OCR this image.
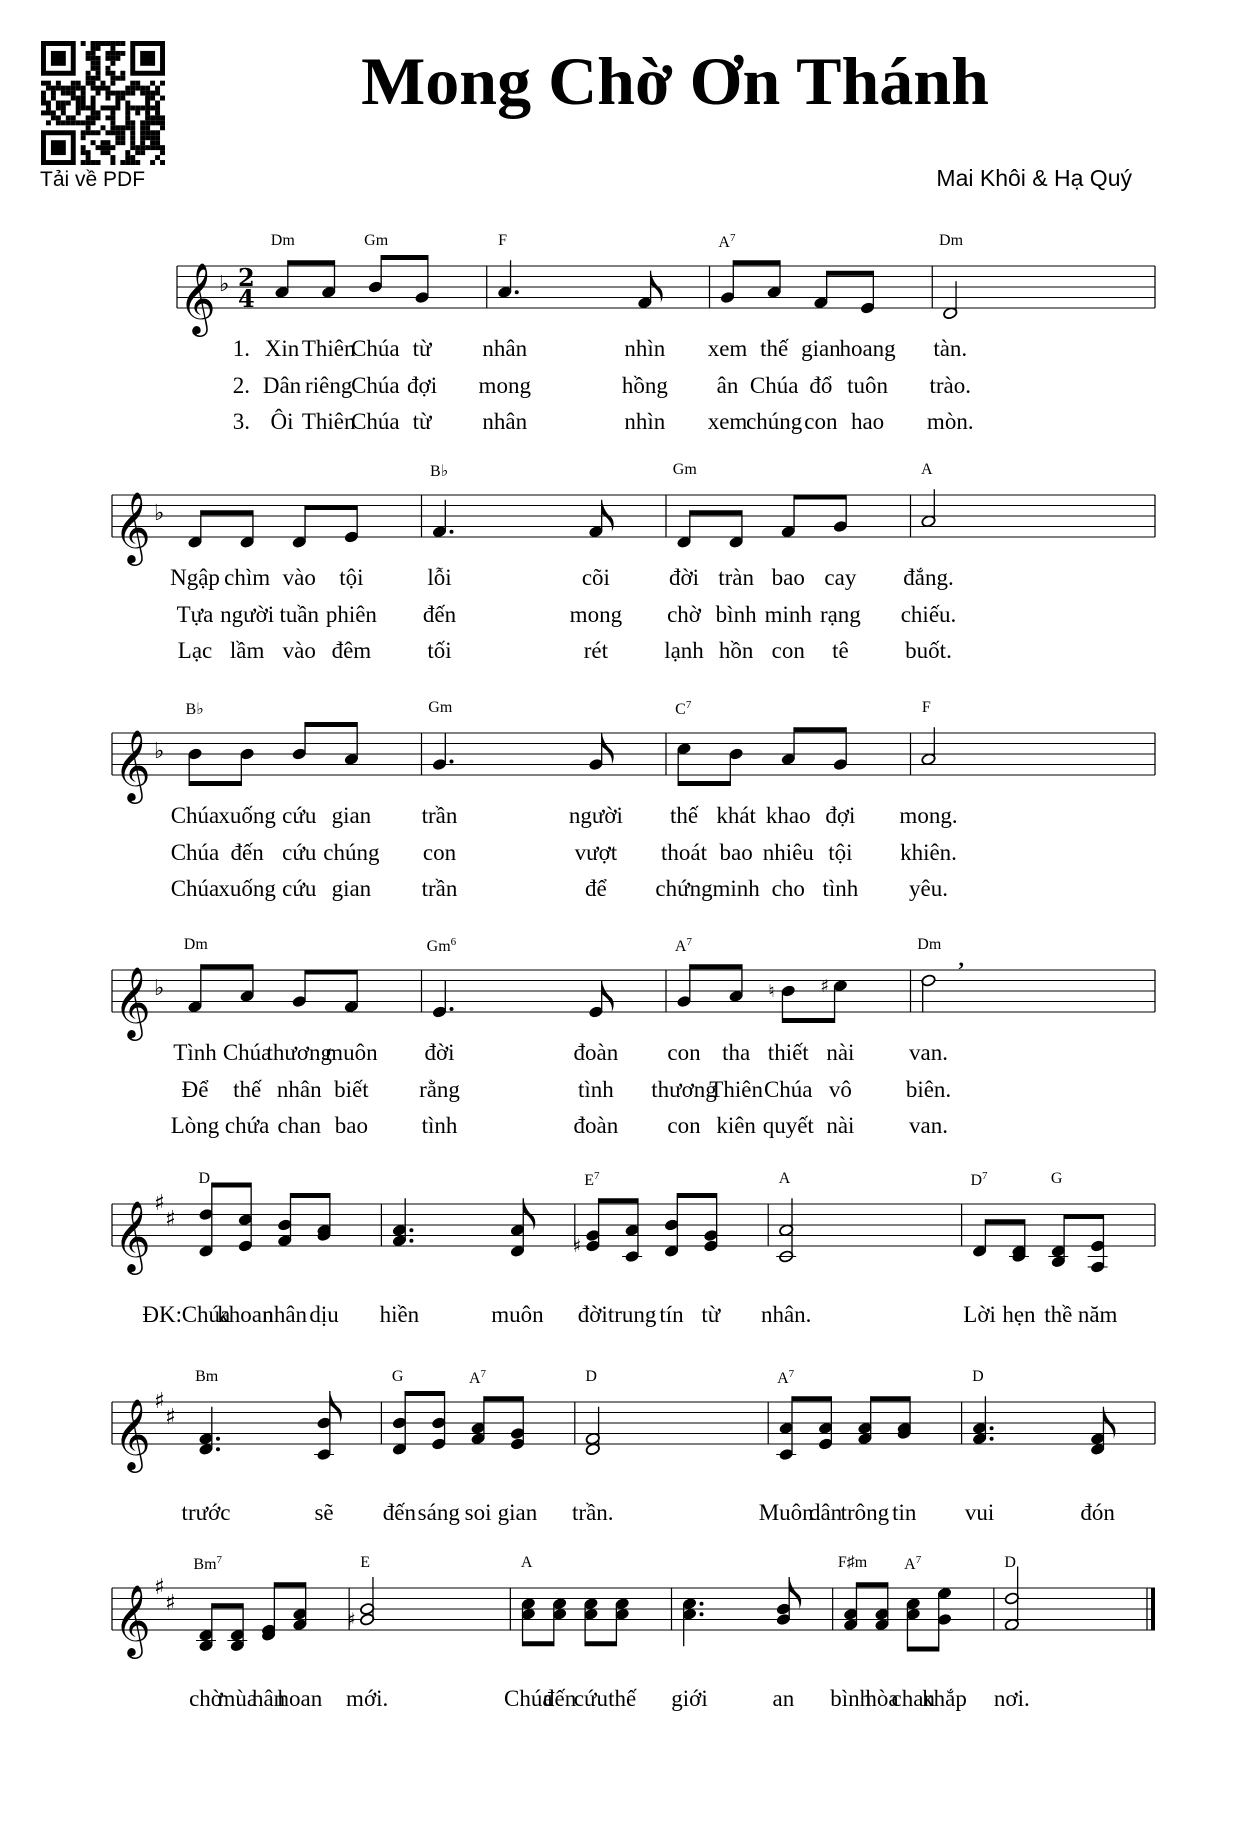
Tải về PDF
Mong Chờ Ơn Thánh
Mai Khôi & Hạ Quý
𝄞 ♭ 2
4
𝄞 ♭
𝄞 ♭
𝄞 ♭	♮	♯
,
𝄞 ♯
♯
♯
𝄞 ♯
♯
𝄞 ♯
♯
♯
Dm	Gm	F	$A^7$	Dm
1. Xin Thiên
Chúa từ nhân	nhìn xem thế gian
hoang tàn.
2. Dân riêng
Chúa đợi mong	hồng ân Chúa đổ tuôn trào.
3. Ôi Thiên
Chúa từ nhân	nhìn xem
chúng con hao mòn.
B♭	Gm	A
Ngập chìm vào tội	lỗi	cõi	đời tràn bao cay đắng.
Tựa người tuần phiên đến	mong chờ bình minh rạng chiếu.
Lạc lầm vào đêm tối	rét lạnh hồn con tê buốt.
B♭	Gm	$C^7$	F
Chúa xuống cứu gian trần	người thế khát khao đợi mong.
Chúa đến cứu chúng con	vượt thoát bao nhiêu tội khiên.
Chúa xuống cứu gian trần	để chứng minh cho tình yêu.
Dm	Gm$^6$	$A^7$	Dm
Tình Chúa
thương
muôn đời	đoàn con tha thiết nài van.
Để thế nhân biết rằng	tình thương
Thiên Chúa vô biên.
Lòng chứa chan bao tình	đoàn con kiên quyết nài van.
D	$E^7$	A	$D^7$	G
ĐK: Chúa
khoan
nhân dịu hiền	muôn đời trung tín từ nhân.	Lời hẹn thề năm
Bm	G	$A^7$	D	$A^7$	D
trước	sẽ đến sáng soi gian trần.	Muôn
dân
trông tin vui	đón
Bm$^7$	E	A	F♯m $A^7$	D
chờ
mùa
hân
hoan mới.	Chúa
đến
cứu thế giới	an bình
hòa
chan
khắp nơi.
